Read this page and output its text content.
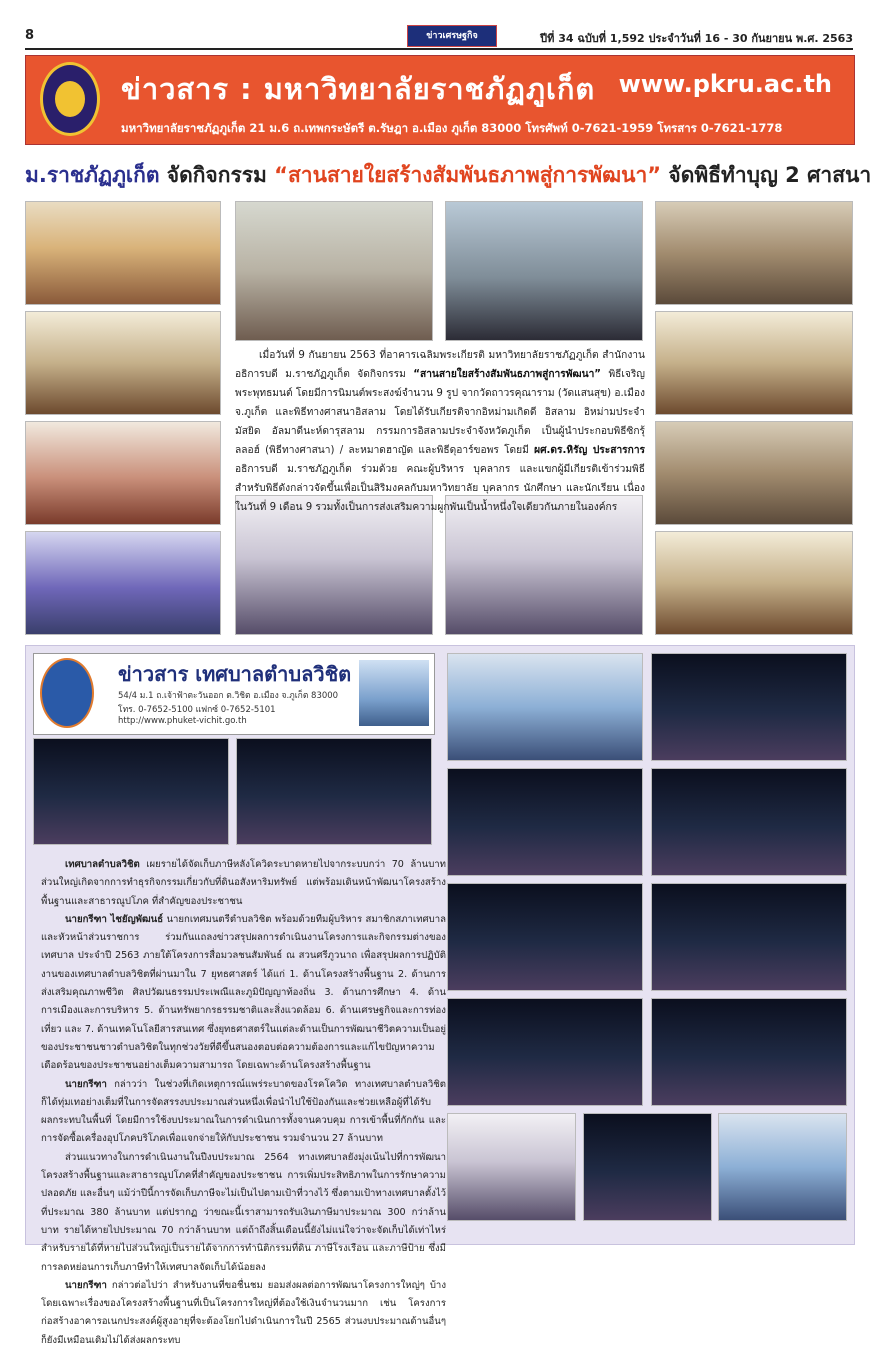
8	ข่าวเศรษฐกิจ	ปีที่ 34 ฉบับที่ 1,592 ประจำวันที่ 16 - 30 กันยายน พ.ศ. 2563
ข่าวสาร : มหาวิทยาลัยราชภัฏภูเก็ต www.pkru.ac.th
มหาวิทยาลัยราชภัฏภูเก็ต 21 ม.6 ถ.เทพกระษัตรี ต.รัษฎา อ.เมือง ภูเก็ต 83000 โทรศัพท์ 0-7621-1959 โทรสาร 0-7621-1778
ม.ราชภัฏภูเก็ต จัดกิจกรรม “สานสายใยสร้างสัมพันธภาพสู่การพัฒนา” จัดพิธีทำบุญ 2 ศาสนา

เมื่อวันที่ 9 กันยายน 2563 ที่อาคารเฉลิมพระเกียรติ มหาวิทยาลัยราชภัฏภูเก็ต สำนักงานอธิการบดี ม.ราชภัฏภูเก็ต จัดกิจกรรม “สานสายใยสร้างสัมพันธภาพสู่การพัฒนา” พิธีเจริญพระพุทธมนต์ โดยมีการนิมนต์พระสงฆ์จำนวน 9 รูป จากวัดถาวรคุณาราม (วัดแสนสุข) อ.เมือง จ.ภูเก็ต และพิธีทางศาสนาอิสลาม โดยได้รับเกียรติจากอิหม่ามเกิดดี อิสลาม อิหม่ามประจำมัสยิด อัลมาดีนะห์ดารุสลาม กรรมการอิสลามประจำจังหวัดภูเก็ต เป็นผู้นำประกอบพิธีซิกรุ้ลลอฮ์ (พิธีทางศาสนา) / ละหมาดฮาญัด และพิธีดุอาร์ขอพร โดยมี ผศ.ดร.หิรัญ ประสารการ อธิการบดี ม.ราชภัฏภูเก็ต ร่วมด้วย คณะผู้บริหาร บุคลากร และแขกผู้มีเกียรติเข้าร่วมพิธี สำหรับพิธีดังกล่าวจัดขึ้นเพื่อเป็นสิริมงคลกับมหาวิทยาลัย บุคลากร นักศึกษา และนักเรียน เนื่องในวันที่ 9 เดือน 9 รวมทั้งเป็นการส่งเสริมความผูกพันเป็นน้ำหนึ่งใจเดียวกันภายในองค์กร

ข่าวสาร เทศบาลตำบลวิชิต
54/4 ม.1 ถ.เจ้าฟ้าตะวันออก ต.วิชิต อ.เมือง จ.ภูเก็ต 83000
โทร. 0-7652-5100 แฟกซ์ 0-7652-5101
http://www.phuket-vichit.go.th

เทศบาลตำบลวิชิต เผยรายได้จัดเก็บภาษีหลังโควิดระบาดหายไปจากระบบกว่า 70 ล้านบาท ส่วนใหญ่เกิดจากการทำธุรกิจกรรมเกี่ยวกับที่ดินอสังหาริมทรัพย์ แต่พร้อมเดินหน้าพัฒนาโครงสร้างพื้นฐานและสาธารณูปโภค ที่สำคัญของประชาชน

นายกรีฑา ไชยัญพัฒนธ์ นายกเทศมนตรีตำบลวิชิต พร้อมด้วยทีมผู้บริหาร สมาชิกสภาเทศบาล และหัวหน้าส่วนราชการ ร่วมกันแถลงข่าวสรุปผลการดำเนินงานโครงการและกิจกรรมต่างของเทศบาล ประจำปี 2563 ภายใต้โครงการสื่อมวลชนสัมพันธ์ ณ สวนศรีภูวนาถ เพื่อสรุปผลการปฏิบัติงานของเทศบาลตำบลวิชิตที่ผ่านมาใน 7 ยุทธศาสตร์ ได้แก่ 1. ด้านโครงสร้างพื้นฐาน 2. ด้านการส่งเสริมคุณภาพชีวิต ศิลปวัฒนธรรมประเพณีและภูมิปัญญาท้องถิ่น 3. ด้านการศึกษา 4. ด้านการเมืองและการบริหาร 5. ด้านทรัพยากรธรรมชาติและสิ่งแวดล้อม 6. ด้านเศรษฐกิจและการท่องเที่ยว และ 7. ด้านเทคโนโลยีสารสนเทศ ซึ่งยุทธศาสตร์ในแต่ละด้านเป็นการพัฒนาชีวิตความเป็นอยู่ของประชาชนชาวตำบลวิชิตในทุกช่วงวัยที่ดีขึ้นสนองตอบต่อความต้องการและแก้ไขปัญหาความเดือดร้อนของประชาชนอย่างเต็มความสามารถ โดยเฉพาะด้านโครงสร้างพื้นฐาน

นายกรีฑา กล่าวว่า ในช่วงที่เกิดเหตุการณ์แพร่ระบาดของโรคโควิด ทางเทศบาลตำบลวิชิตก็ได้ทุ่มเทอย่างเต็มที่ในการจัดสรรงบประมาณส่วนหนึ่งเพื่อนำไปใช้ป้องกันและช่วยเหลือผู้ที่ได้รับผลกระทบในพื้นที่ โดยมีการใช้งบประมาณในการดำเนินการทั้งจานควบคุม การเข้าพื้นที่กักกัน และการจัดซื้อเครื่องอุปโภคบริโภคเพื่อแจกจ่ายให้กับประชาชน รวมจำนวน 27 ล้านบาท

ส่วนแนวทางในการดำเนินงานในปีงบประมาณ 2564 ทางเทศบาลยังมุ่งเน้นไปที่การพัฒนาโครงสร้างพื้นฐานและสาธารณูปโภคที่สำคัญของประชาชน การเพิ่มประสิทธิภาพในการรักษาความปลอดภัย และอื่นๆ แม้ว่าปีนี้การจัดเก็บภาษีจะไม่เป็นไปตามเป้าที่วางไว้ ซึ่งตามเป้าทางเทศบาลตั้งไว้ที่ประมาณ 380 ล้านบาท แต่ปรากฏ ว่าขณะนี้เราสามารถรับเงินภาษีมาประมาณ 300 กว่าล้านบาท รายได้หายไปประมาณ 70 กว่าล้านบาท แต่ถ้าถึงสิ้นเดือนนี้ยังไม่แน่ใจว่าจะจัดเก็บได้เท่าไหร่ สำหรับรายได้ที่หายไปส่วนใหญ่เป็นรายได้จากการทำนิติกรรมที่ดิน ภาษีโรงเรือน และภาษีป้าย ซึ่งมีการลดหย่อนการเก็บภาษีทำให้เทศบาลจัดเก็บได้น้อยลง

นายกรีฑา กล่าวต่อไปว่า สำหรับงานที่ขอชื่นชม ยอมส่งผลต่อการพัฒนาโครงการใหญ่ๆ บ้าง โดยเฉพาะเรื่องของโครงสร้างพื้นฐานที่เป็นโครงการใหญ่ที่ต้องใช้เงินจำนวนมาก เช่น โครงการก่อสร้างอาคารอเนกประสงค์ผู้สูงอายุที่จะต้องโยกไปดำเนินการในปี 2565 ส่วนงบประมาณด้านอื่นๆ ก็ยังมีเหมือนเดิมไม่ได้ส่งผลกระทบ
